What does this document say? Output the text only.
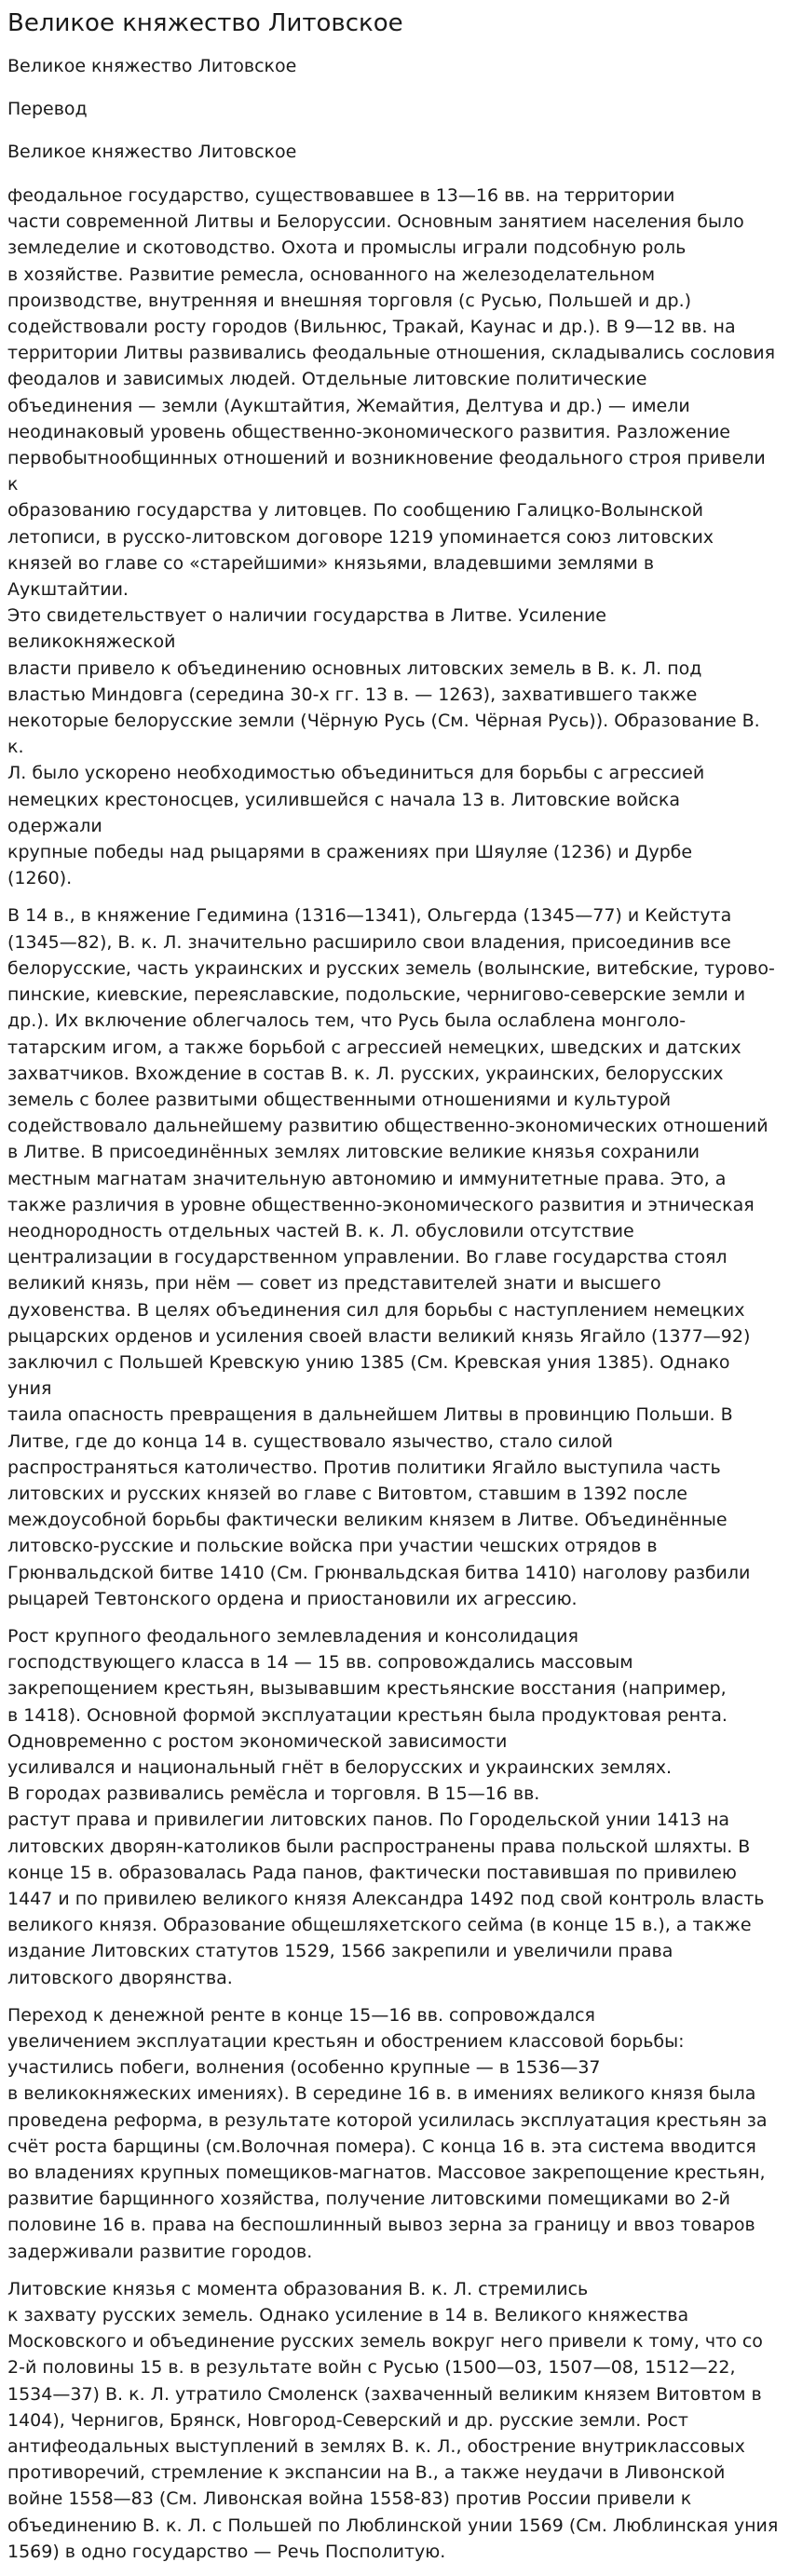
Великое княжество Литовское
Великое княжество Литовское
Перевод
Великое княжество Литовское

феодальное государство, существовавшее в 13—16 вв. на территории
части современной Литвы и Белоруссии. Основным занятием населения было
земледелие и скотоводство. Охота и промыслы играли подсобную роль
в хозяйстве. Развитие ремесла, основанного на железоделательном
производстве, внутренняя и внешняя торговля (с Русью, Польшей и др.)
содействовали росту городов (Вильнюс, Тракай, Каунас и др.). В 9—12 вв. на
территории Литвы развивались феодальные отношения, складывались сословия
феодалов и зависимых людей. Отдельные литовские политические
объединения — земли (Аукштайтия, Жемайтия, Делтува и др.) — имели
неодинаковый уровень общественно-экономического развития. Разложение
первобытнообщинных отношений и возникновение феодального строя привели к
образованию государства у литовцев. По сообщению Галицко-Волынской
летописи, в русско-литовском договоре 1219 упоминается союз литовских
князей во главе со «старейшими» князьями, владевшими землями в Аукштайтии.
Это свидетельствует о наличии государства в Литве. Усиление великокняжеской
власти привело к объединению основных литовских земель в В. к. Л. под
властью Миндовга (середина 30-х гг. 13 в. — 1263), захватившего также
некоторые белорусские земли (Чёрную Русь (См. Чёрная Русь)). Образование В. к.
Л. было ускорено необходимостью объединиться для борьбы с агрессией
немецких крестоносцев, усилившейся с начала 13 в. Литовские войска одержали
крупные победы над рыцарями в сражениях при Шяуляе (1236) и Дурбе
(1260).

В 14 в., в княжение Гедимина (1316—1341), Ольгерда (1345—77) и Кейстута
(1345—82), В. к. Л. значительно расширило свои владения, присоединив все
белорусские, часть украинских и русских земель (волынские, витебские, турово-
пинские, киевские, переяславские, подольские, чернигово-северские земли и
др.). Их включение облегчалось тем, что Русь была ослаблена монголо-
татарским игом, а также борьбой с агрессией немецких, шведских и датских
захватчиков. Вхождение в состав В. к. Л. русских, украинских, белорусских
земель с более развитыми общественными отношениями и культурой
содействовало дальнейшему развитию общественно-экономических отношений
в Литве. В присоединённых землях литовские великие князья сохранили
местным магнатам значительную автономию и иммунитетные права. Это, а
также различия в уровне общественно-экономического развития и этническая
неоднородность отдельных частей В. к. Л. обусловили отсутствие
централизации в государственном управлении. Во главе государства стоял
великий князь, при нём — совет из представителей знати и высшего
духовенства. В целях объединения сил для борьбы с наступлением немецких
рыцарских орденов и усиления своей власти великий князь Ягайло (1377—92)
заключил с Польшей Кревскую унию 1385 (См. Кревская уния 1385). Однако уния
таила опасность превращения в дальнейшем Литвы в провинцию Польши. В
Литве, где до конца 14 в. существовало язычество, стало силой
распространяться католичество. Против политики Ягайло выступила часть
литовских и русских князей во главе с Витовтом, ставшим в 1392 после
междоусобной борьбы фактически великим князем в Литве. Объединённые
литовско-русские и польские войска при участии чешских отрядов в
Грюнвальдской битве 1410 (См. Грюнвальдская битва 1410) наголову разбили
рыцарей Тевтонского ордена и приостановили их агрессию.

Рост крупного феодального землевладения и консолидация
господствующего класса в 14 — 15 вв. сопровождались массовым
закрепощением крестьян, вызывавшим крестьянские восстания (например,
в 1418). Основной формой эксплуатации крестьян была продуктовая рента.
Одновременно с ростом экономической зависимости
усиливался и национальный гнёт в белорусских и украинских землях.
В городах развивались ремёсла и торговля. В 15—16 вв.
растут права и привилегии литовских панов. По Городельской унии 1413 на
литовских дворян-католиков были распространены права польской шляхты. В
конце 15 в. образовалась Рада панов, фактически поставившая по привилею
1447 и по привилею великого князя Александра 1492 под свой контроль власть
великого князя. Образование общешляхетского сейма (в конце 15 в.), а также
издание Литовских статутов 1529, 1566 закрепили и увеличили права
литовского дворянства.

Переход к денежной ренте в конце 15—16 вв. сопровождался
увеличением эксплуатации крестьян и обострением классовой борьбы:
участились побеги, волнения (особенно крупные — в 1536—37
в великокняжеских имениях). В середине 16 в. в имениях великого князя была
проведена реформа, в результате которой усилилась эксплуатация крестьян за
счёт роста барщины (см.Волочная помера). С конца 16 в. эта система вводится
во владениях крупных помещиков-магнатов. Массовое закрепощение крестьян,
развитие барщинного хозяйства, получение литовскими помещиками во 2-й
половине 16 в. права на беспошлинный вывоз зерна за границу и ввоз товаров
задерживали развитие городов.

Литовские князья с момента образования В. к. Л. стремились
к захвату русских земель. Однако усиление в 14 в. Великого княжества
Московского и объединение русских земель вокруг него привели к тому, что со
2-й половины 15 в. в результате войн с Русью (1500—03, 1507—08, 1512—22,
1534—37) В. к. Л. утратило Смоленск (захваченный великим князем Витовтом в
1404), Чернигов, Брянск, Новгород-Северский и др. русские земли. Рост
антифеодальных выступлений в землях В. к. Л., обострение внутриклассовых
противоречий, стремление к экспансии на В., а также неудачи в Ливонской
войне 1558—83 (См. Ливонская война 1558-83) против России привели к
объединению В. к. Л. с Польшей по Люблинской унии 1569 (См. Люблинская уния
1569) в одно государство — Речь Посполитую.
